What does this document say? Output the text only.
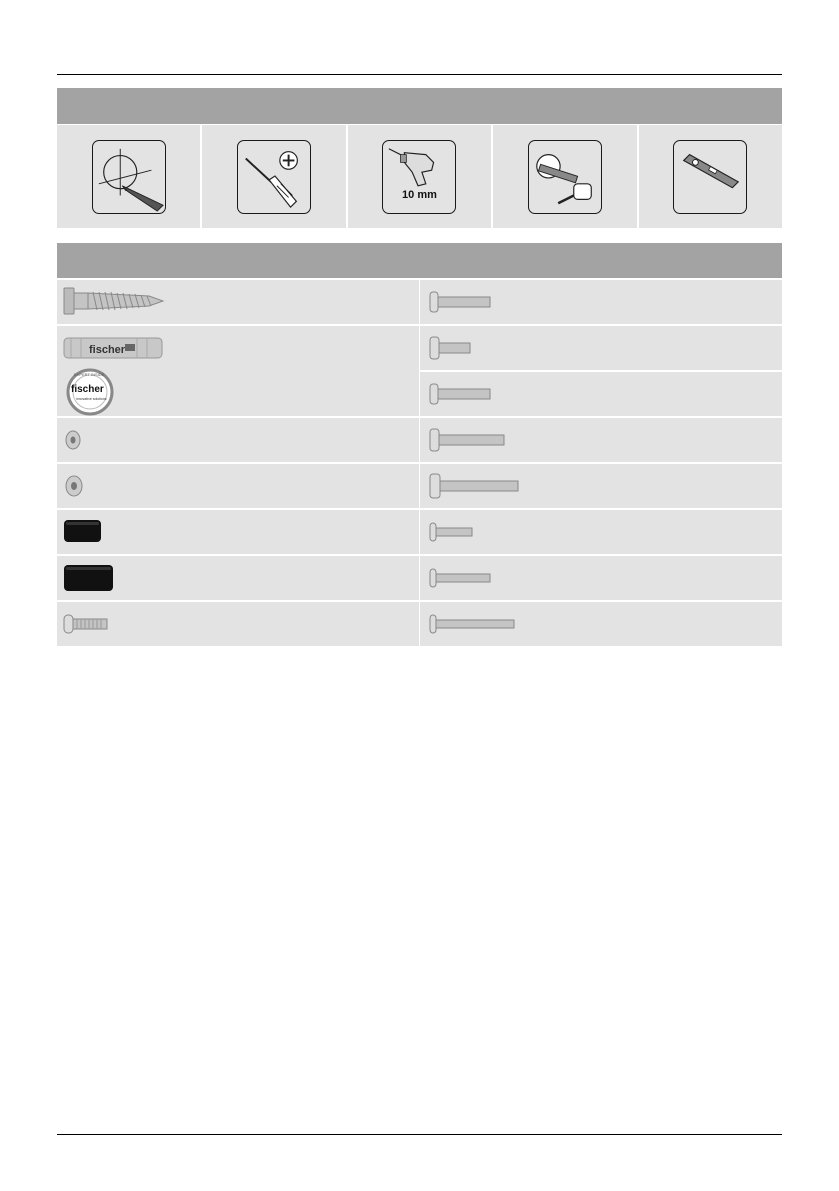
10 mm
fischer
fischer
innovative solutions
EXPERT INSIDE
